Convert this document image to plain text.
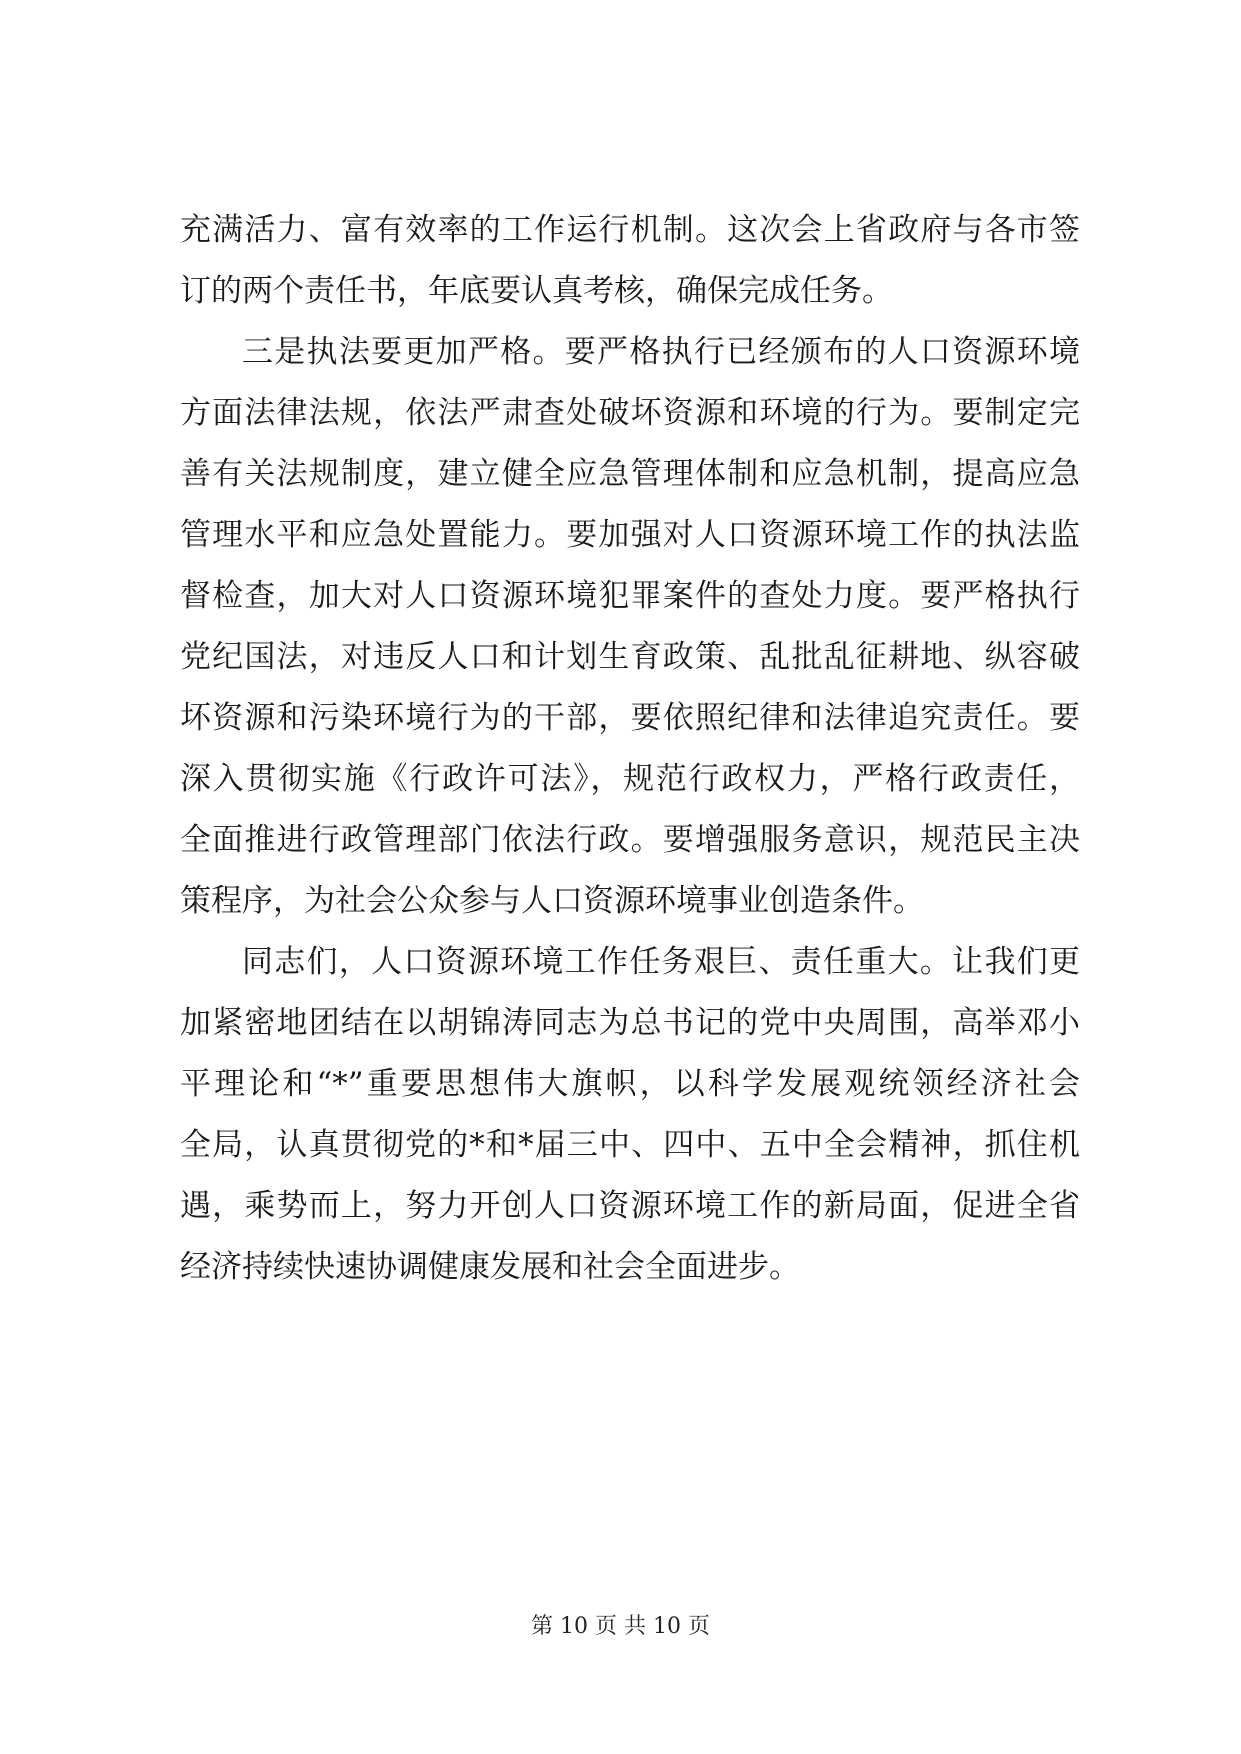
充满活力、富有效率的工作运行机制。这次会上省政府与各市签
订的两个责任书，年底要认真考核，确保完成任务。
三是执法要更加严格。要严格执行已经颁布的人口资源环境
方面法律法规，依法严肃查处破坏资源和环境的行为。要制定完
善有关法规制度，建立健全应急管理体制和应急机制，提高应急
管理水平和应急处置能力。要加强对人口资源环境工作的执法监
督检查，加大对人口资源环境犯罪案件的查处力度。要严格执行
党纪国法，对违反人口和计划生育政策、乱批乱征耕地、纵容破
坏资源和污染环境行为的干部，要依照纪律和法律追究责任。要
深入贯彻实施《行政许可法》，规范行政权力，严格行政责任，
全面推进行政管理部门依法行政。要增强服务意识，规范民主决
策程序，为社会公众参与人口资源环境事业创造条件。
同志们，人口资源环境工作任务艰巨、责任重大。让我们更
加紧密地团结在以胡锦涛同志为总书记的党中央周围，高举邓小
平理论和“*”重要思想伟大旗帜，以科学发展观统领经济社会
全局，认真贯彻党的*和*届三中、四中、五中全会精神，抓住机
遇，乘势而上，努力开创人口资源环境工作的新局面，促进全省
经济持续快速协调健康发展和社会全面进步。
第 10 页 共 10 页
